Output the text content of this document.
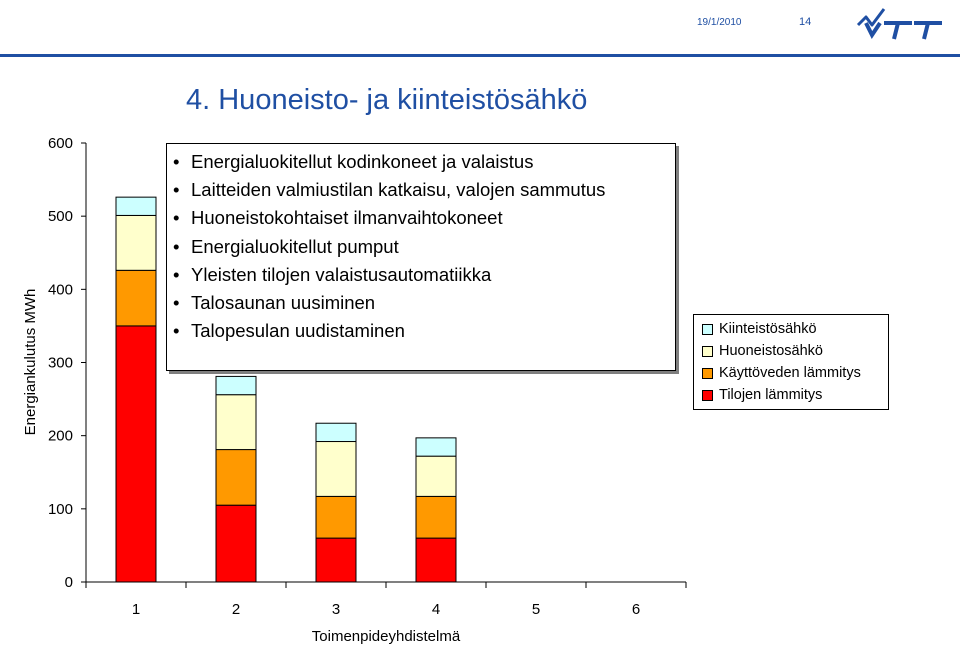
19/1/2010	14
VTT
4. Huoneisto- ja kiinteistösähkö
0
100
200
300
400
500
600
1	2	3	4	5	6
Energiankulutus MWh
Toimenpideyhdistelmä
• Energialuokitellut kodinkoneet ja valaistus
• Laitteiden valmiustilan katkaisu, valojen sammutus
• Huoneistokohtaiset ilmanvaihtokoneet
• Energialuokitellut pumput
• Yleisten tilojen valaistusautomatiikka
• Talosaunan uusiminen
• Talopesulan uudistaminen	Kiinteistösähkö
Huoneistosähkö
Käyttöveden lämmitys
Tilojen lämmitys
